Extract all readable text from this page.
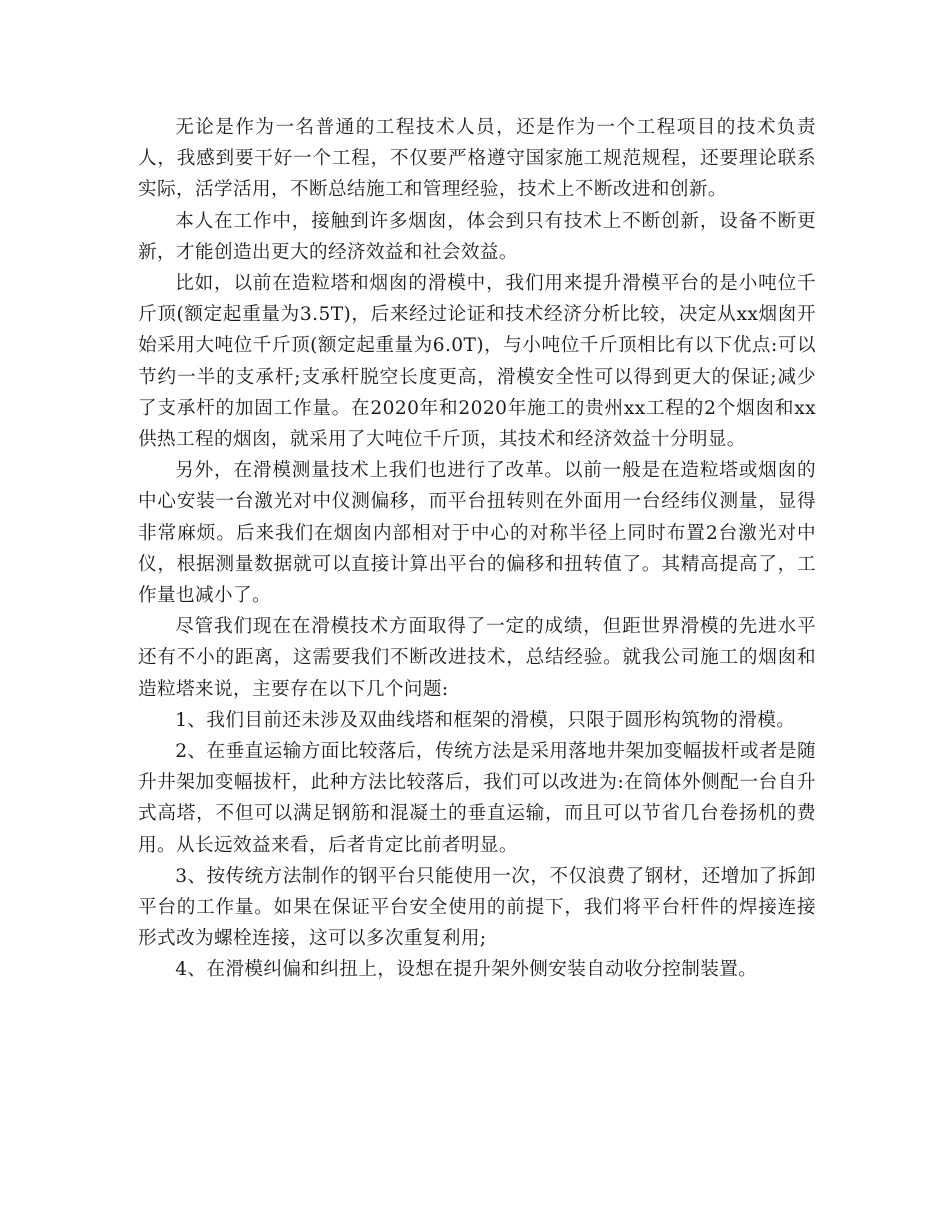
无论是作为一名普通的工程技术人员，还是作为一个工程项目的技术负责人，我感到要干好一个工程，不仅要严格遵守国家施工规范规程，还要理论联系实际，活学活用，不断总结施工和管理经验，技术上不断改进和创新。

本人在工作中，接触到许多烟囱，体会到只有技术上不断创新，设备不断更新，才能创造出更大的经济效益和社会效益。

比如，以前在造粒塔和烟囱的滑模中，我们用来提升滑模平台的是小吨位千斤顶(额定起重量为3.5T)，后来经过论证和技术经济分析比较，决定从xx烟囱开始采用大吨位千斤顶(额定起重量为6.0T)，与小吨位千斤顶相比有以下优点:可以节约一半的支承杆;支承杆脱空长度更高，滑模安全性可以得到更大的保证;减少了支承杆的加固工作量。在2020年和2020年施工的贵州xx工程的2个烟囱和xx供热工程的烟囱，就采用了大吨位千斤顶，其技术和经济效益十分明显。

另外，在滑模测量技术上我们也进行了改革。以前一般是在造粒塔或烟囱的中心安装一台激光对中仪测偏移，而平台扭转则在外面用一台经纬仪测量，显得非常麻烦。后来我们在烟囱内部相对于中心的对称半径上同时布置2台激光对中仪，根据测量数据就可以直接计算出平台的偏移和扭转值了。其精高提高了，工作量也减小了。

尽管我们现在在滑模技术方面取得了一定的成绩，但距世界滑模的先进水平还有不小的距离，这需要我们不断改进技术，总结经验。就我公司施工的烟囱和造粒塔来说，主要存在以下几个问题:

1、我们目前还未涉及双曲线塔和框架的滑模，只限于圆形构筑物的滑模。

2、在垂直运输方面比较落后，传统方法是采用落地井架加变幅拔杆或者是随升井架加变幅拔杆，此种方法比较落后，我们可以改进为:在筒体外侧配一台自升式高塔，不但可以满足钢筋和混凝土的垂直运输，而且可以节省几台卷扬机的费用。从长远效益来看，后者肯定比前者明显。

3、按传统方法制作的钢平台只能使用一次，不仅浪费了钢材，还增加了拆卸平台的工作量。如果在保证平台安全使用的前提下，我们将平台杆件的焊接连接形式改为螺栓连接，这可以多次重复利用;

4、在滑模纠偏和纠扭上，设想在提升架外侧安装自动收分控制装置。
